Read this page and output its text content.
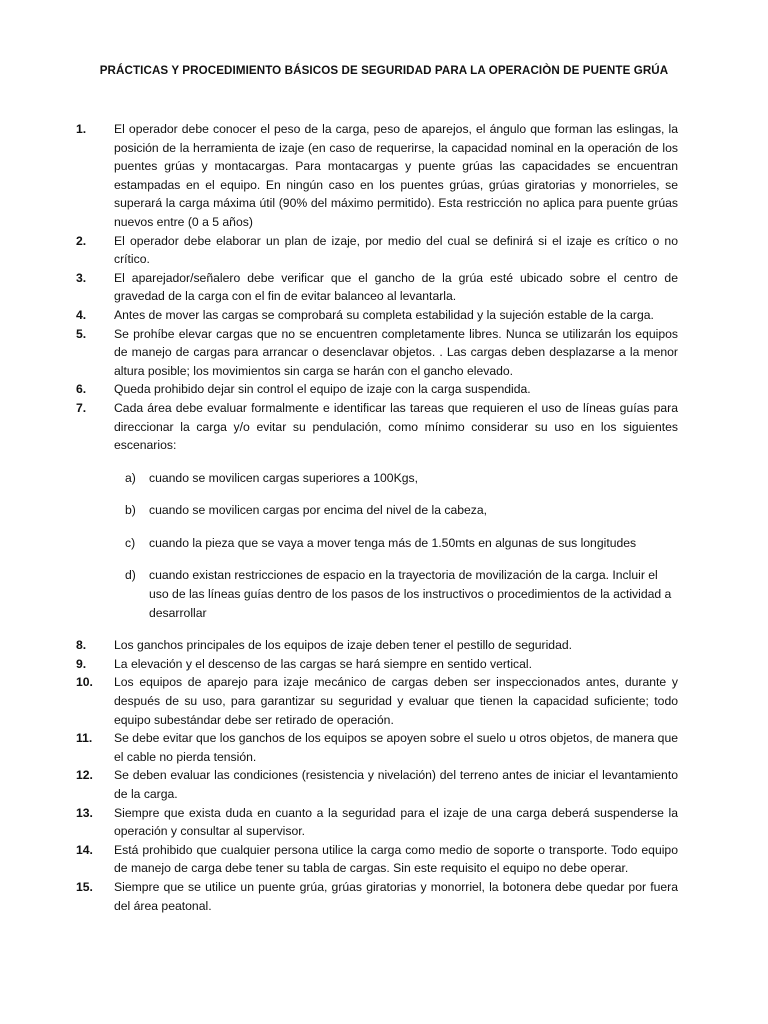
PRÁCTICAS Y PROCEDIMIENTO BÁSICOS DE SEGURIDAD PARA LA OPERACIÒN DE PUENTE GRÚA
1.	El operador debe conocer el peso de la carga, peso de aparejos, el ángulo que forman las eslingas, la posición de la herramienta de izaje (en caso de requerirse, la capacidad nominal en la operación de los puentes grúas y montacargas. Para montacargas y puente grúas las capacidades se encuentran estampadas en el equipo. En ningún caso en los puentes grúas, grúas giratorias y monorrieles, se superará la carga máxima útil (90% del máximo permitido). Esta restricción no aplica para puente grúas nuevos entre (0 a 5 años)
2.	El operador debe elaborar un plan de izaje, por medio del cual se definirá si el izaje es crítico o no crítico.
3.	El aparejador/señalero debe verificar que el gancho de la grúa esté ubicado sobre el centro de gravedad de la carga con el fin de evitar balanceo al levantarla.
4.	Antes de mover las cargas se comprobará su completa estabilidad y la sujeción estable de la carga.
5.	Se prohíbe elevar cargas que no se encuentren completamente libres. Nunca se utilizarán los equipos de manejo de cargas para arrancar o desenclavar objetos. . Las cargas deben desplazarse a la menor altura posible; los movimientos sin carga se harán con el gancho elevado.
6.	Queda prohibido dejar sin control el equipo de izaje con la carga suspendida.
7.	Cada área debe evaluar formalmente e identificar las tareas que requieren el uso de líneas guías para direccionar la carga y/o evitar su pendulación, como mínimo considerar su uso en los siguientes escenarios:
a) cuando se movilicen cargas superiores a 100Kgs,
b) cuando se movilicen cargas por encima del nivel de la cabeza,
c) cuando la pieza que se vaya a mover tenga más de 1.50mts en algunas de sus longitudes
d) cuando existan restricciones de espacio en la trayectoria de movilización de la carga. Incluir el uso de las líneas guías dentro de los pasos de los instructivos o procedimientos de la actividad a desarrollar
8.	Los ganchos principales de los equipos de izaje deben tener el pestillo de seguridad.
9.	La elevación y el descenso de las cargas se hará siempre en sentido vertical.
10.	Los equipos de aparejo para izaje mecánico de cargas deben ser inspeccionados antes, durante y después de su uso, para garantizar su seguridad y evaluar que tienen la capacidad suficiente; todo equipo subestándar debe ser retirado de operación.
11.	Se debe evitar que los ganchos de los equipos se apoyen sobre el suelo u otros objetos, de manera que el cable no pierda tensión.
12.	Se deben evaluar las condiciones (resistencia y nivelación) del terreno antes de iniciar el levantamiento de la carga.
13.	Siempre que exista duda en cuanto a la seguridad para el izaje de una carga deberá suspenderse la operación y consultar al supervisor.
14.	Está prohibido que cualquier persona utilice la carga como medio de soporte o transporte. Todo equipo de manejo de carga debe tener su tabla de cargas. Sin este requisito el equipo no debe operar.
15.	Siempre que se utilice un puente grúa, grúas giratorias y monorriel, la botonera debe quedar por fuera del área peatonal.
